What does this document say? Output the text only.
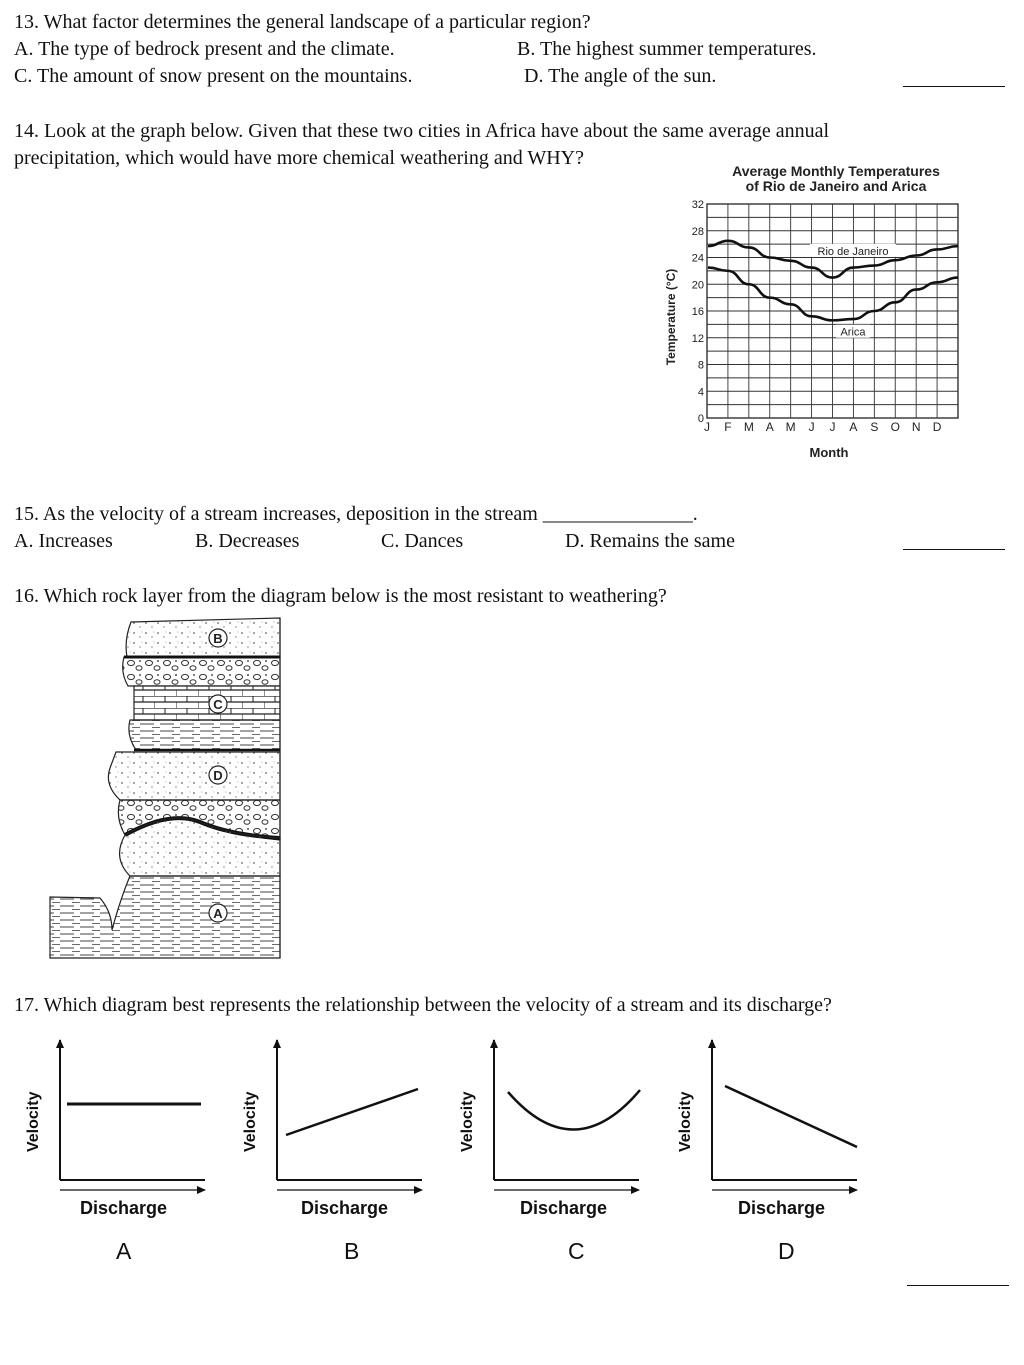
13. What factor determines the general landscape of a particular region?
A. The type of bedrock present and the climate.	B. The highest summer temperatures.
C. The amount of snow present on the mountains.	D. The angle of the sun.
14. Look at the graph below. Given that these two cities in Africa have about the same average annual
precipitation, which would have more chemical weathering and WHY?
Average Monthly Temperatures
of Rio de Janeiro and Arica
0
4
8
12
16
20
24
28
32
J F M A M J J A S O N D
Rio de Janeiro
Arica
Temperature (°C)
Month
15. As the velocity of a stream increases, deposition in the stream _______________.
A. Increases	B. Decreases	C. Dances	D. Remains the same
16. Which rock layer from the diagram below is the most resistant to weathering?
B
C
D
A
17. Which diagram best represents the relationship between the velocity of a stream and its discharge?
Velocity	Velocity	Velocity	Velocity
Discharge	Discharge	Discharge	Discharge
A	B	C	D
